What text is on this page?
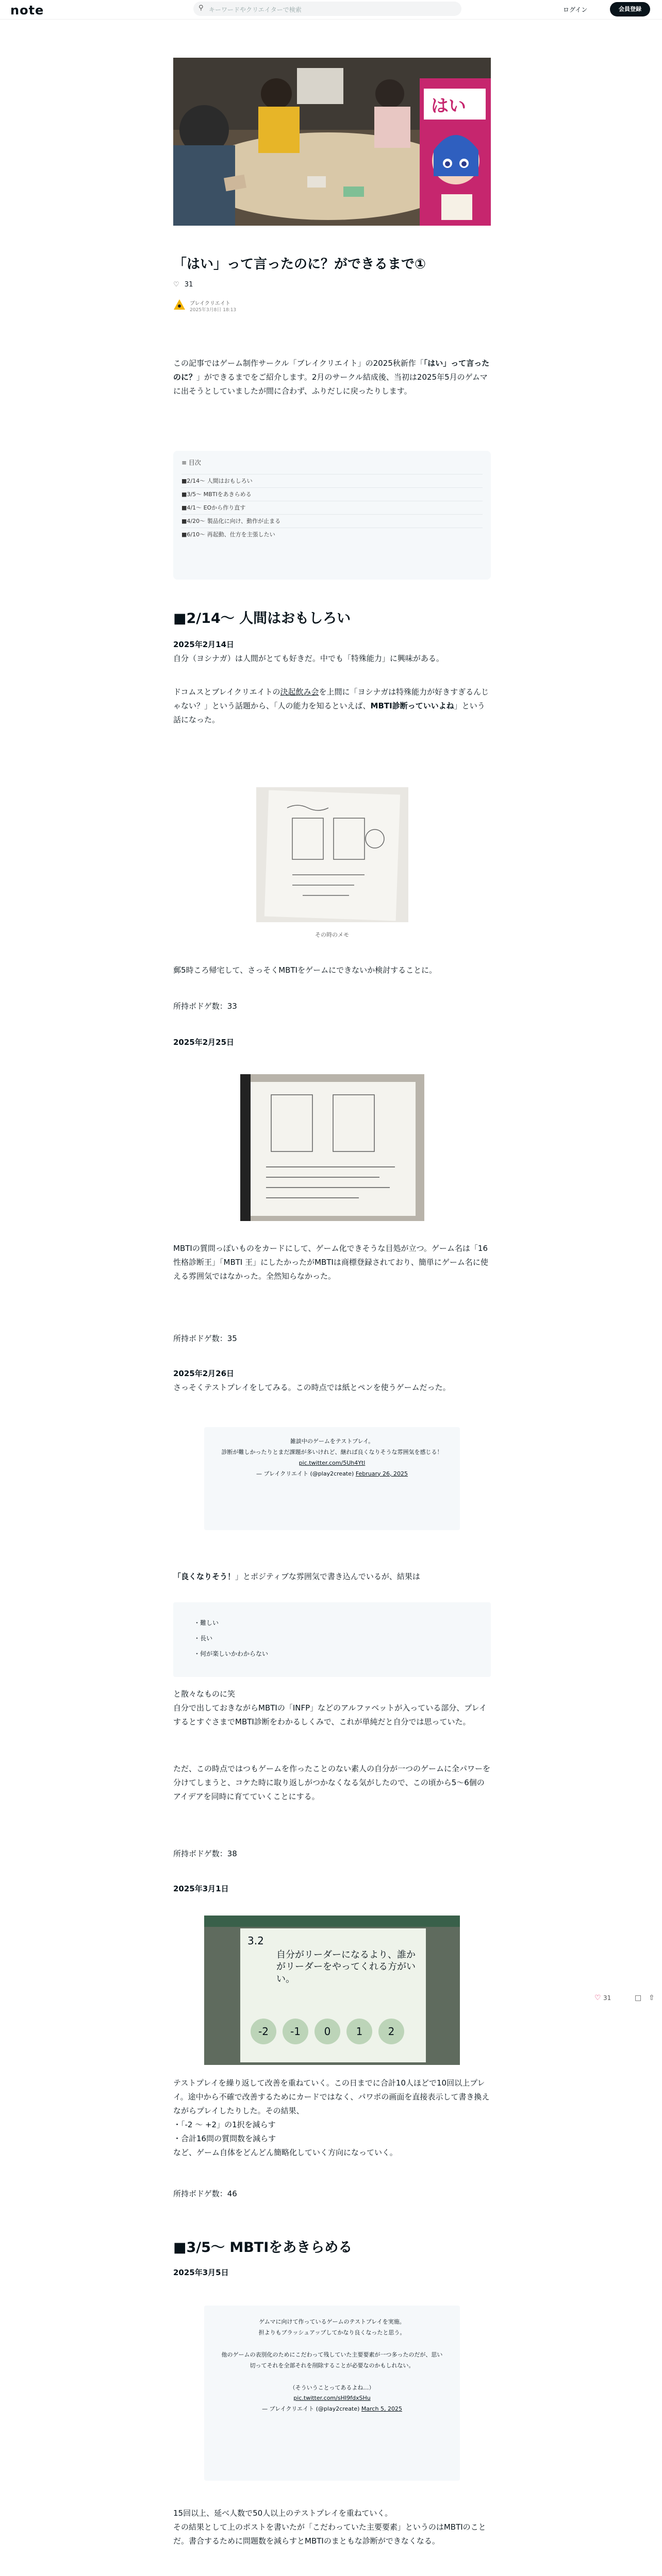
note	⚲ キーワードやクリエイターで検索	ログイン	会員登録
はい
「はい」って言ったのに？ができるまで①
♡ 31
ブレイクリエイト
2025年3月8日 18:13
この記事ではゲーム制作サークル「ブレイクリエイト」の2025秋新作「「はい」って言ったのに？」ができるまでをご紹介します。2月のサークル結成後、当初は2025年5月のゲムマに出そうとしていましたが間に合わず、ふりだしに戻ったりします。
≡ 目次
■2/14〜 人間はおもしろい
■3/5〜 MBTIをあきらめる
■4/1〜 EOから作り直す
■4/20〜 製品化に向け、動作が止まる
■6/10〜 再起動、仕方を主張したい
■2/14〜 人間はおもしろい
2025年2月14日
自分（ヨシナガ）は人間がとても好きだ。中でも「特殊能力」に興味がある。
ドコムスとブレイクリエイトの決起飲み会を上間に「ヨシナガは特殊能力が好きすぎるんじゃない？」という話題から、「人の能力を知るといえば、MBTI診断っていいよね」という話になった。
その時のメモ
郵5時ころ帰宅して、さっそくMBTIをゲームにできないか検討することに。
所持ボドゲ数：33
2025年2月25日
MBTIの質問っぽいものをカードにして、ゲーム化できそうな目処が立つ。ゲーム名は「16性格診断王」「MBTI 王」にしたかったがMBTIは商標登録されており、簡単にゲーム名に使える雰囲気ではなかった。全然知らなかった。
所持ボドゲ数：35
2025年2月26日
さっそくテストプレイをしてみる。この時点では紙とペンを使うゲームだった。
雑談中のゲームをテストプレイ。
診断が難しかったりとまだ課題が多いけれど、継れば良くなりそうな雰囲気を感じる！
pic.twitter.com/5Uh4Ytl
— ブレイクリエイト (@play2create) February 26, 2025
「良くなりそう！」とポジティブな雰囲気で書き込んでいるが、結果は
・難しい
・長い
・何が楽しいかわからない
と散々なものに笑
自分で出しておきながらMBTIの「INFP」などのアルファベットが入っている部分、プレイするとすぐさまでMBTI診断をわかるしくみで、これが単純だと自分では思っていた。
ただ、この時点ではつもゲームを作ったことのない素人の自分が一つのゲームに全パワーを分けてしまうと、コケた時に取り返しがつかなくなる気がしたので、この頃から5〜6個のアイデアを同時に育てていくことにする。
所持ボドゲ数：38
2025年3月1日
3.2
自分がリーダーになるより、誰かがリーダーをやってくれる方がいい。
-2	-1	0	1	2
テストプレイを繰り返して改善を重ねていく。この日までに合計10人ほどで10回以上プレイ。途中から不確で改善するためにカードではなく、パワポの画面を直接表示して書き換えながらプレイしたりした。その結果、
・「-2 〜 +2」の1択を減らす
・合計16問の質問数を減らす
など、ゲーム自体をどんどん簡略化していく方向になっていく。
所持ボドゲ数：46
■3/5〜 MBTIをあきらめる
2025年3月5日
ゲムマに向けて作っているゲームのテストプレイを実施。
担よりもブラッシュアップしてかなり良くなったと思う。
他のゲームの表別化のためにこだわって残していた主要要素が一つ多ったのだが、思い切ってそれを全部それを削除することが必要なのかもしれない。
（そういうことってあるよね…）
pic.twitter.com/sHI9fdxSHu
— ブレイクリエイト (@play2create) March 5, 2025
15回以上、延べ人数で50人以上のテストプレイを重ねていく。
その結果として上のポストを書いたが「こだわっていた主要要素」というのはMBTIのことだ。書合するために問題数を減らすとMBTIのまともな診断ができなくなる。
♡ 31	□ ⇧
